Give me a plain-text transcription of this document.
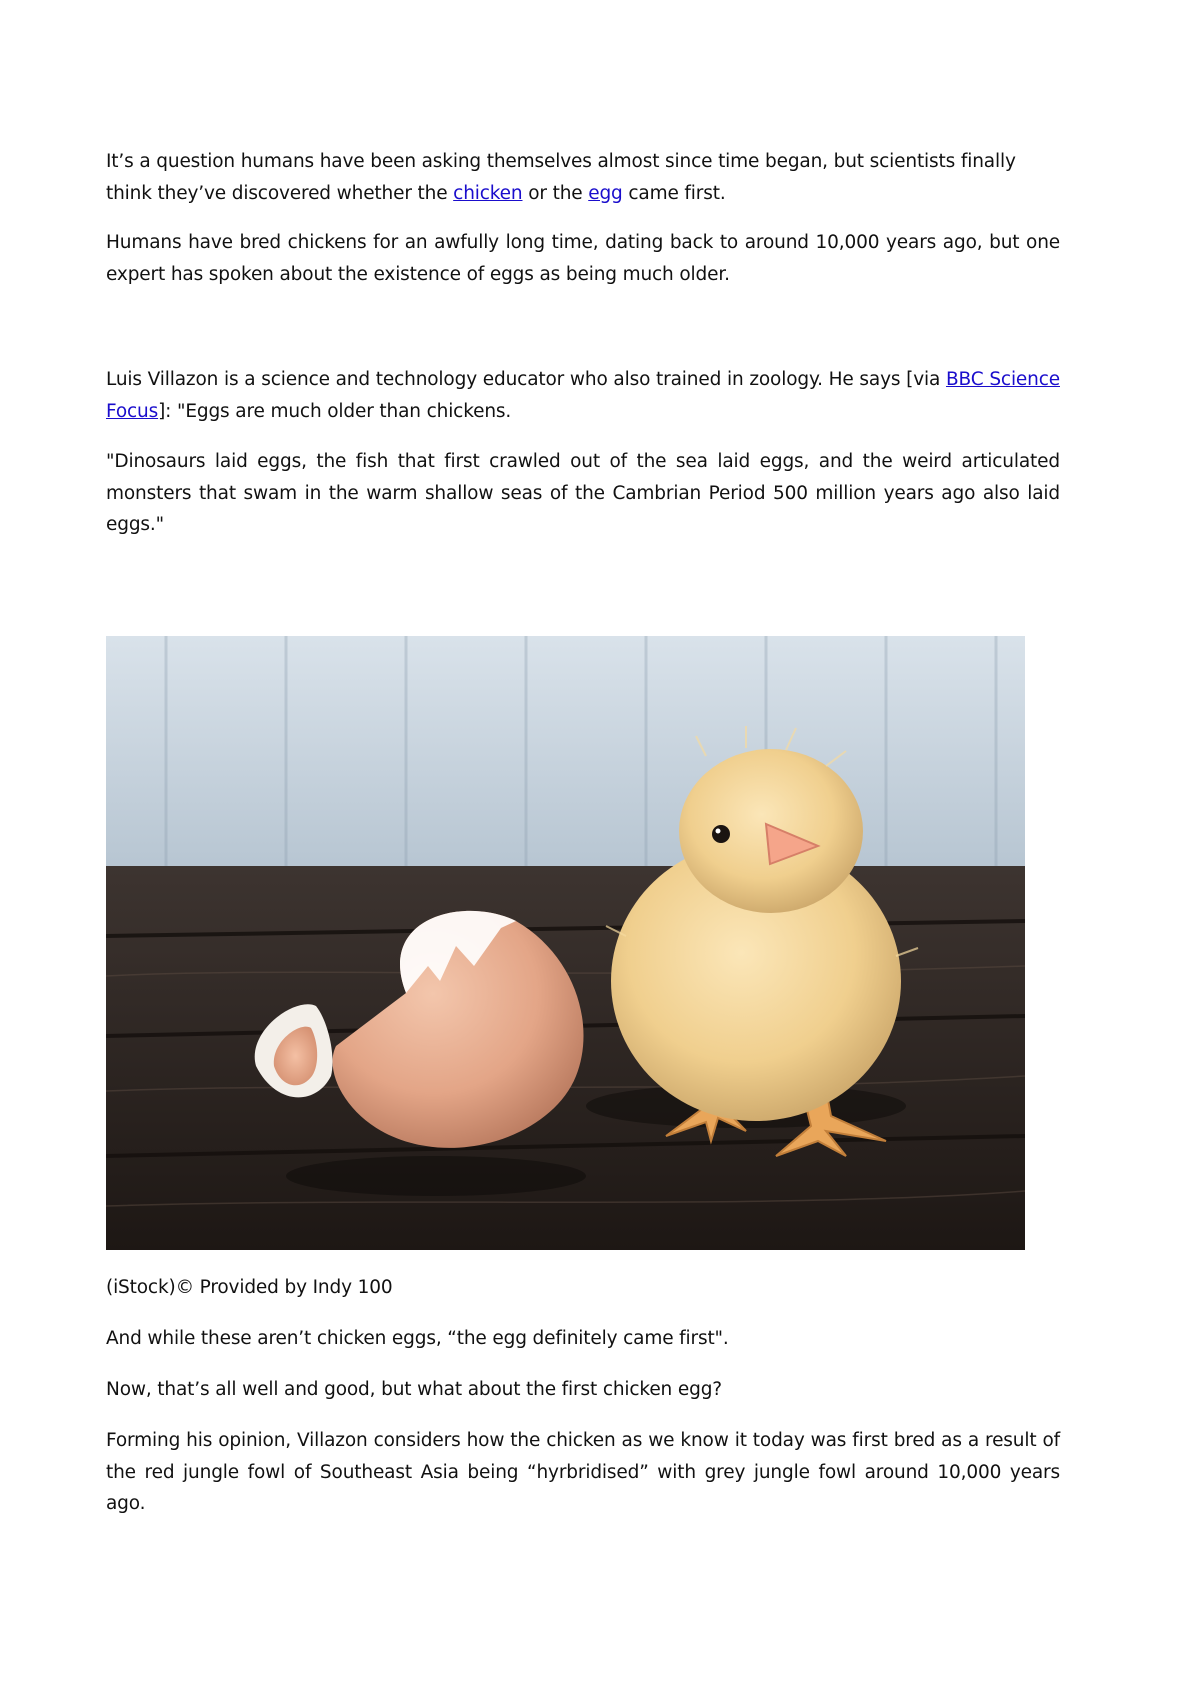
It’s a question humans have been asking themselves almost since time began, but scientists finally think they’ve discovered whether the chicken or the egg came first.

Humans have bred chickens for an awfully long time, dating back to around 10,000 years ago, but one expert has spoken about the existence of eggs as being much older.

Luis Villazon is a science and technology educator who also trained in zoology. He says [via BBC Science Focus]: "Eggs are much older than chickens.

"Dinosaurs laid eggs, the fish that first crawled out of the sea laid eggs, and the weird articulated monsters that swam in the warm shallow seas of the Cambrian Period 500 million years ago also laid eggs."

(iStock)© Provided by Indy 100

And while these aren’t chicken eggs, “the egg definitely came first".

Now, that’s all well and good, but what about the first chicken egg?

Forming his opinion, Villazon considers how the chicken as we know it today was first bred as a result of the red jungle fowl of Southeast Asia being “hyrbridised” with grey jungle fowl around 10,000 years ago.
